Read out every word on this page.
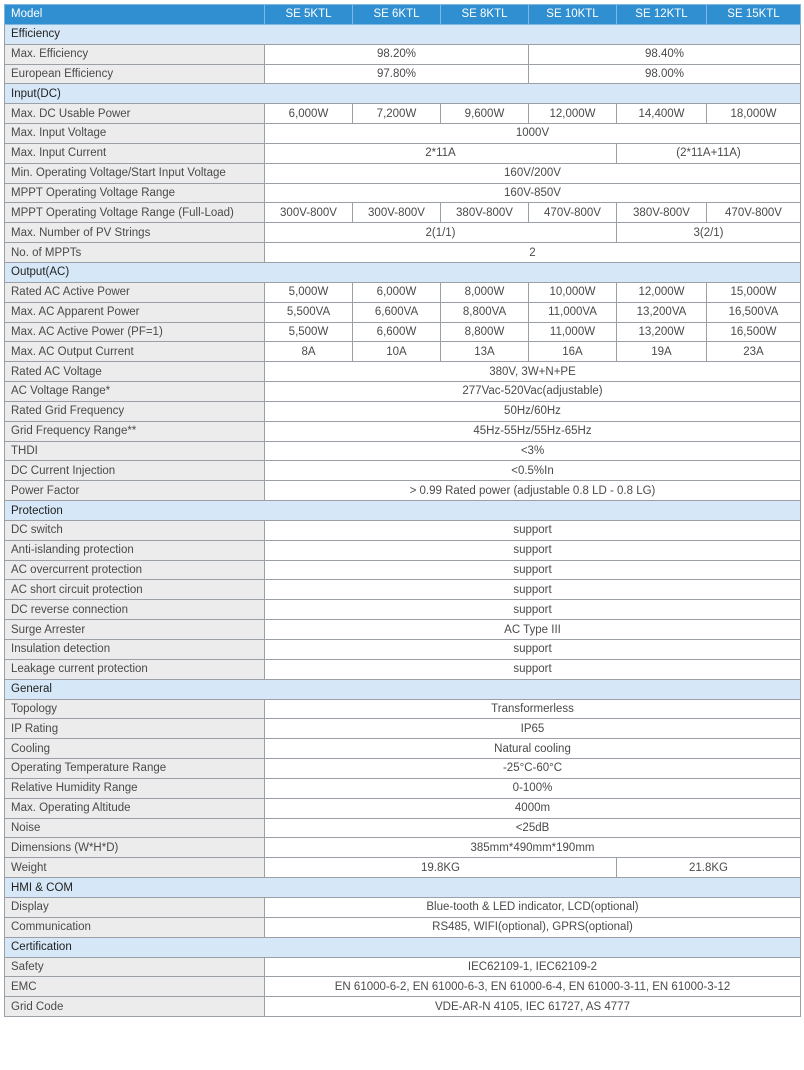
Model	SE 5KTL	SE 6KTL	SE 8KTL	SE 10KTL	SE 12KTL	SE 15KTL
Efficiency						
Max. Efficiency	98.20%			98.40%		
European Efficiency	97.80%			98.00%		
Input(DC)						
Max. DC Usable Power	6,000W	7,200W	9,600W	12,000W	14,400W	18,000W
Max. Input Voltage	1000V					
Max. Input Current	2*11A				(2*11A+11A)	
Min. Operating Voltage/Start Input Voltage	160V/200V					
MPPT Operating Voltage Range	160V-850V					
MPPT Operating Voltage Range (Full-Load)	300V-800V	300V-800V	380V-800V	470V-800V	380V-800V	470V-800V
Max. Number of PV Strings	2(1/1)				3(2/1)	
No. of MPPTs	2					
Output(AC)						
Rated AC Active Power	5,000W	6,000W	8,000W	10,000W	12,000W	15,000W
Max. AC Apparent Power	5,500VA	6,600VA	8,800VA	11,000VA	13,200VA	16,500VA
Max. AC Active Power (PF=1)	5,500W	6,600W	8,800W	11,000W	13,200W	16,500W
Max. AC Output Current	8A	10A	13A	16A	19A	23A
Rated AC Voltage	380V, 3W+N+PE					
AC Voltage Range*	277Vac-520Vac(adjustable)					
Rated Grid Frequency	50Hz/60Hz					
Grid Frequency Range**	45Hz-55Hz/55Hz-65Hz					
THDI	<3%					
DC Current Injection	<0.5%In					
Power Factor	> 0.99 Rated power (adjustable 0.8 LD - 0.8 LG)					
Protection						
DC switch	support					
Anti-islanding protection	support					
AC overcurrent protection	support					
AC short circuit protection	support					
DC reverse connection	support					
Surge Arrester	AC Type III					
Insulation detection	support					
Leakage current protection	support					
General						
Topology	Transformerless					
IP Rating	IP65					
Cooling	Natural cooling					
Operating Temperature Range	-25°C-60°C					
Relative Humidity Range	0-100%					
Max. Operating Altitude	4000m					
Noise	<25dB					
Dimensions (W*H*D)	385mm*490mm*190mm					
Weight	19.8KG				21.8KG	
HMI & COM						
Display	Blue-tooth & LED indicator, LCD(optional)					
Communication	RS485, WIFI(optional), GPRS(optional)					
Certification						
Safety	IEC62109-1, IEC62109-2					
EMC	EN 61000-6-2, EN 61000-6-3, EN 61000-6-4, EN 61000-3-11, EN 61000-3-12					
Grid Code	VDE-AR-N 4105, IEC 61727, AS 4777					
